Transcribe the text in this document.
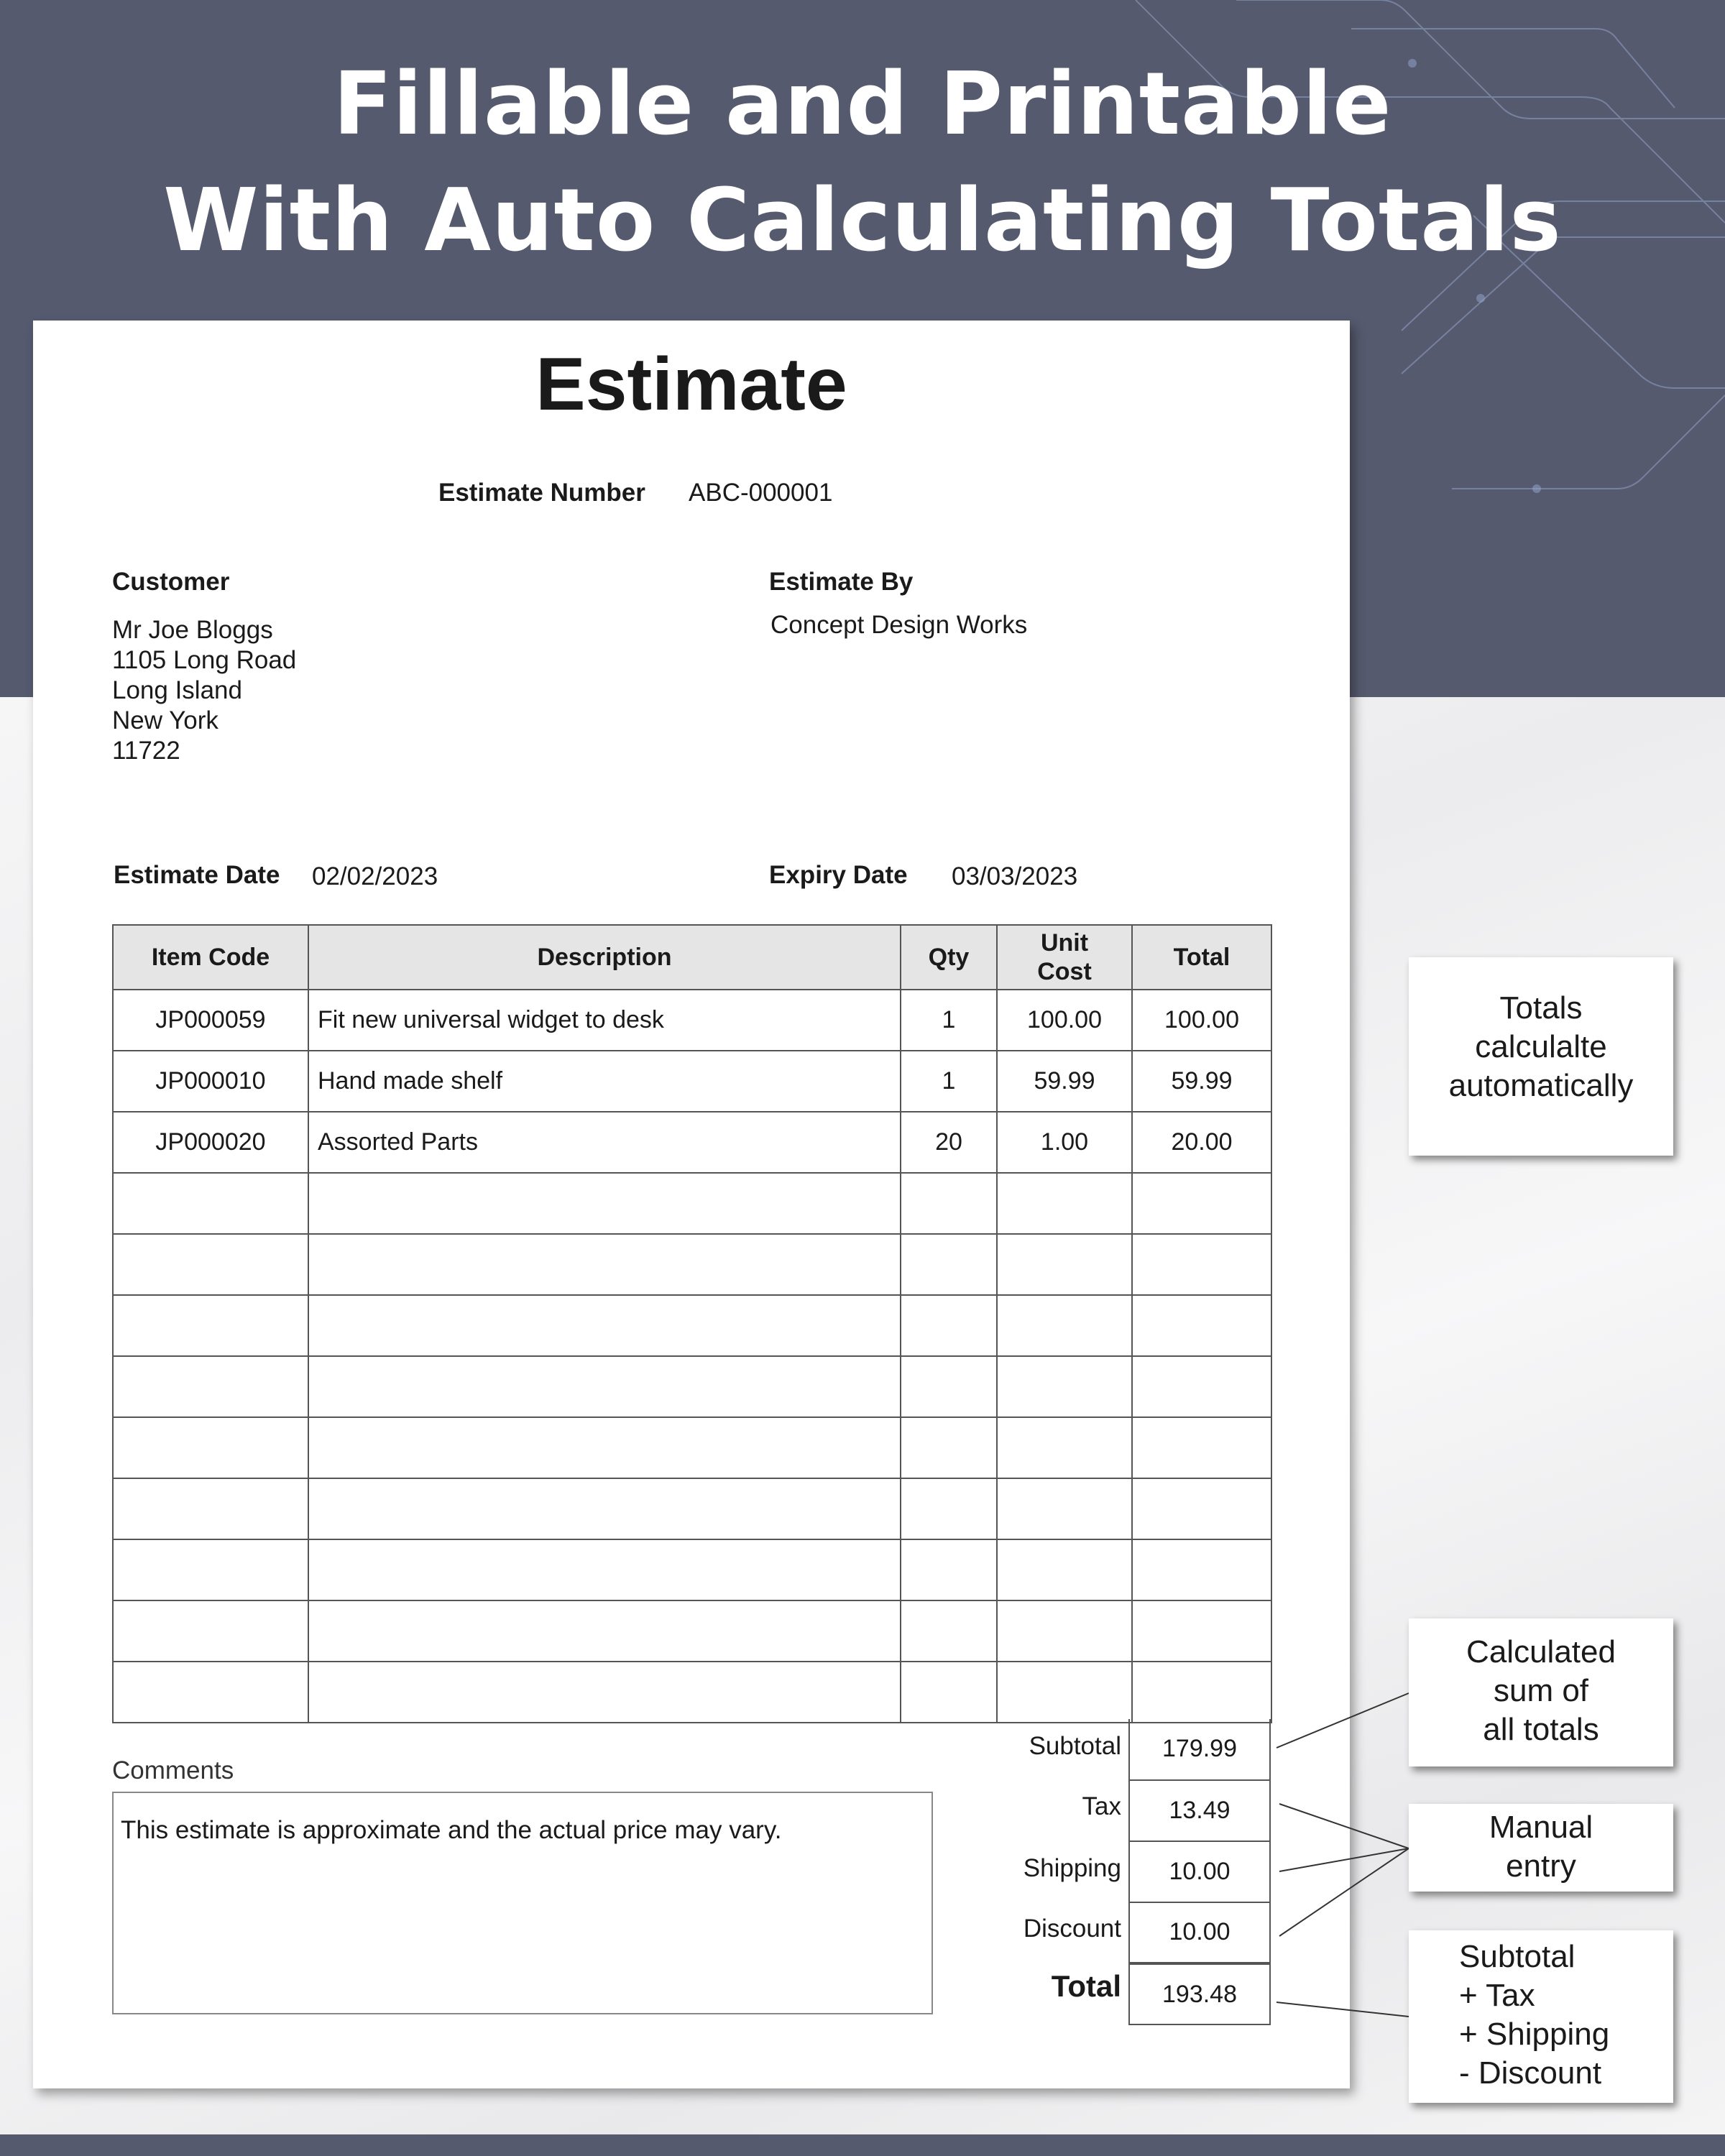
Fillable and Printable
With Auto Calculating Totals
Estimate
Estimate Number ABC-000001
Customer
Mr Joe Bloggs
1105 Long Road
Long Island
New York
11722
Estimate By
Concept Design Works
Estimate Date 02/02/2023	Expiry Date 03/03/2023
Item Code	Description	Qty	Unit Cost	Total
JP000059	Fit new universal widget to desk	1	100.00	100.00
JP000010	Hand made shelf	1	59.99	59.99
JP000020	Assorted Parts	20	1.00	20.00

Subtotal	179.99
Tax	13.49
Shipping	10.00
Discount	10.00
Total	193.48
Comments
This estimate is approximate and the actual price may vary.
Totals
calculalte
automatically
Calculated
sum of
all totals
Manual
entry
Subtotal
+ Tax
+ Shipping
- Discount
